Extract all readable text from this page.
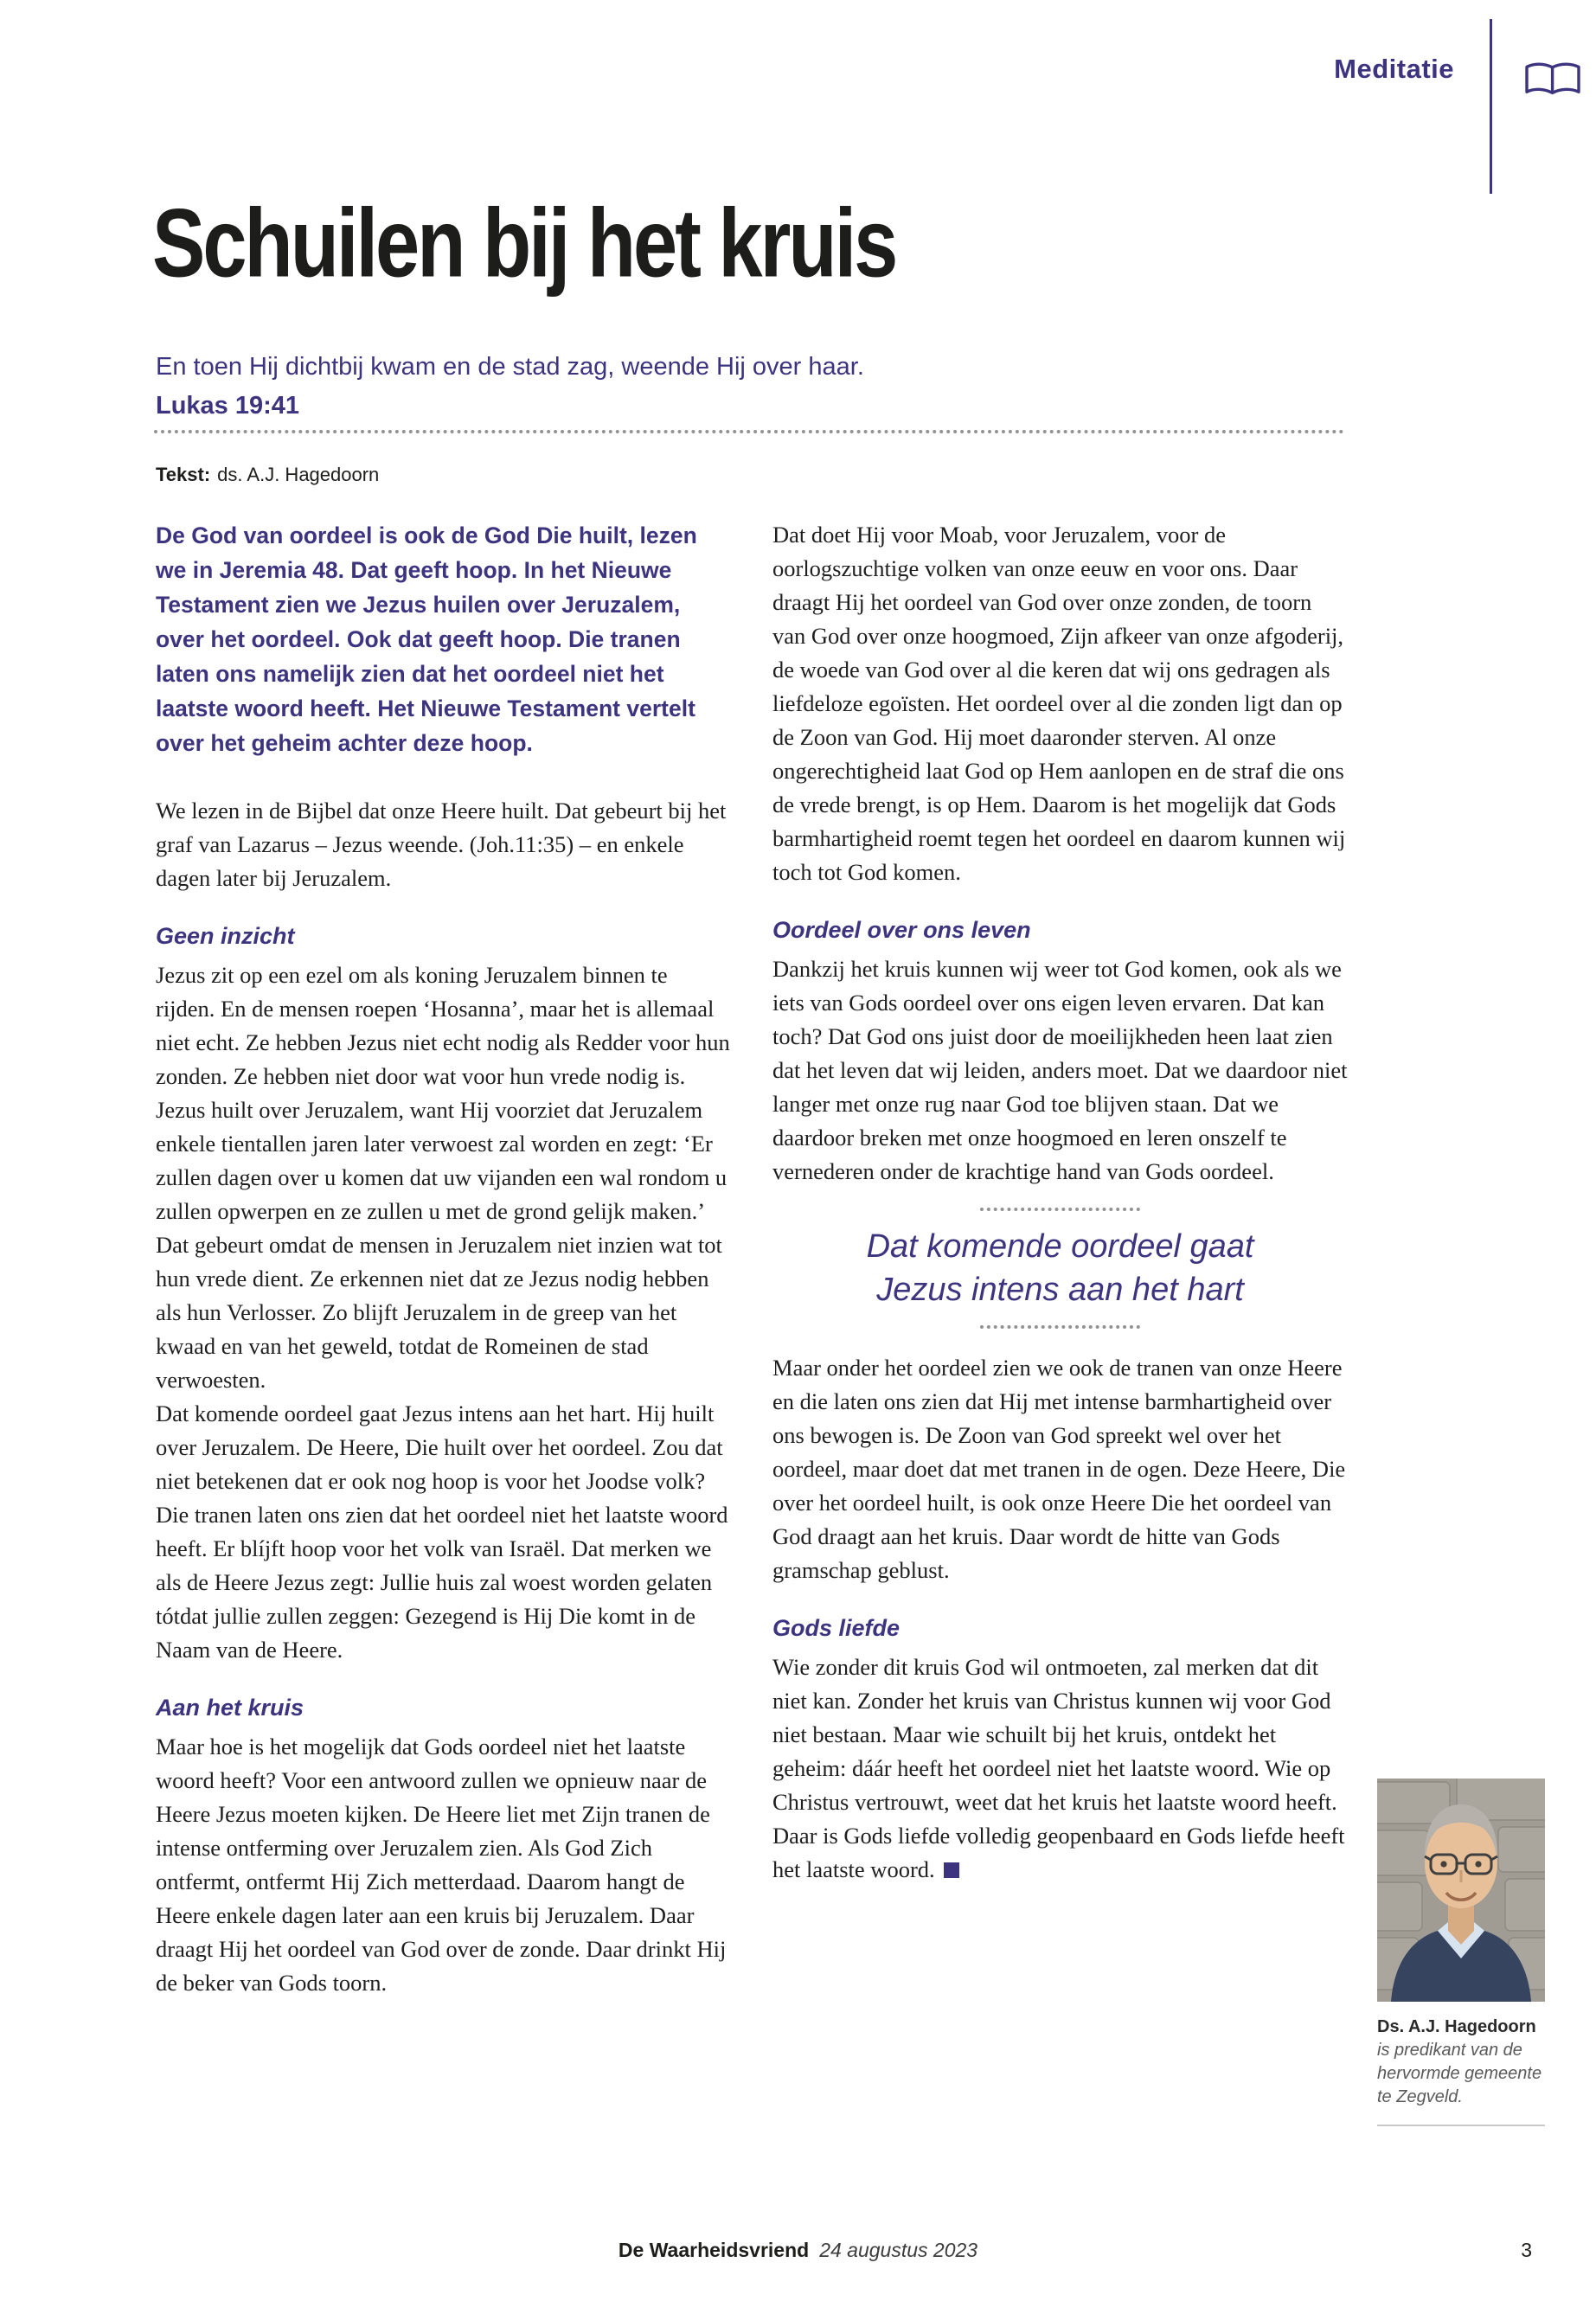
Meditatie
Schuilen bij het kruis
En toen Hij dichtbij kwam en de stad zag, weende Hij over haar.
Lukas 19:41
Tekst: ds. A.J. Hagedoorn

De God van oordeel is ook de God Die huilt, lezen we in Jeremia 48. Dat geeft hoop. In het Nieuwe Testament zien we Jezus huilen over Jeruzalem, over het oordeel. Ook dat geeft hoop. Die tranen laten ons namelijk zien dat het oordeel niet het laatste woord heeft. Het Nieuwe Testament vertelt over het geheim achter deze hoop.

We lezen in de Bijbel dat onze Heere huilt. Dat gebeurt bij het graf van Lazarus – Jezus weende. (Joh.11:35) – en enkele dagen later bij Jeruzalem.

Geen inzicht

Jezus zit op een ezel om als koning Jeruzalem binnen te rijden. En de mensen roepen ‘Hosanna’, maar het is allemaal niet echt. Ze hebben Jezus niet echt nodig als Redder voor hun zonden. Ze hebben niet door wat voor hun vrede nodig is.

Jezus huilt over Jeruzalem, want Hij voorziet dat Jeruzalem enkele tientallen jaren later verwoest zal worden en zegt: ‘Er zullen dagen over u komen dat uw vijanden een wal rondom u zullen opwerpen en ze zullen u met de grond gelijk maken.’ Dat gebeurt omdat de mensen in Jeruzalem niet inzien wat tot hun vrede dient. Ze erkennen niet dat ze Jezus nodig hebben als hun Verlosser. Zo blijft Jeruzalem in de greep van het kwaad en van het geweld, totdat de Romeinen de stad verwoesten.

Dat komende oordeel gaat Jezus intens aan het hart. Hij huilt over Jeruzalem. De Heere, Die huilt over het oordeel. Zou dat niet betekenen dat er ook nog hoop is voor het Joodse volk? Die tranen laten ons zien dat het oordeel niet het laatste woord heeft. Er blíjft hoop voor het volk van Israël. Dat merken we als de Heere Jezus zegt: Jullie huis zal woest worden gelaten tótdat jullie zullen zeggen: Gezegend is Hij Die komt in de Naam van de Heere.

Aan het kruis

Maar hoe is het mogelijk dat Gods oordeel niet het laatste woord heeft? Voor een antwoord zullen we opnieuw naar de Heere Jezus moeten kijken. De Heere liet met Zijn tranen de intense ontferming over Jeruzalem zien. Als God Zich ontfermt, ontfermt Hij Zich metterdaad. Daarom hangt de Heere enkele dagen later aan een kruis bij Jeruzalem. Daar draagt Hij het oordeel van God over de zonde. Daar drinkt Hij de beker van Gods toorn.

Dat doet Hij voor Moab, voor Jeruzalem, voor de oorlogszuchtige volken van onze eeuw en voor ons. Daar draagt Hij het oordeel van God over onze zonden, de toorn van God over onze hoogmoed, Zijn afkeer van onze afgoderij, de woede van God over al die keren dat wij ons gedragen als liefdeloze egoïsten. Het oordeel over al die zonden ligt dan op de Zoon van God. Hij moet daaronder sterven. Al onze ongerechtigheid laat God op Hem aanlopen en de straf die ons de vrede brengt, is op Hem. Daarom is het mogelijk dat Gods barmhartigheid roemt tegen het oordeel en daarom kunnen wij toch tot God komen.

Oordeel over ons leven

Dankzij het kruis kunnen wij weer tot God komen, ook als we iets van Gods oordeel over ons eigen leven ervaren. Dat kan toch? Dat God ons juist door de moeilijkheden heen laat zien dat het leven dat wij leiden, anders moet. Dat we daardoor niet langer met onze rug naar God toe blijven staan. Dat we daardoor breken met onze hoogmoed en leren onszelf te vernederen onder de krachtige hand van Gods oordeel.

Dat komende oordeel gaat
Jezus intens aan het hart

Maar onder het oordeel zien we ook de tranen van onze Heere en die laten ons zien dat Hij met intense barmhartigheid over ons bewogen is. De Zoon van God spreekt wel over het oordeel, maar doet dat met tranen in de ogen. Deze Heere, Die over het oordeel huilt, is ook onze Heere Die het oordeel van God draagt aan het kruis. Daar wordt de hitte van Gods gramschap geblust.

Gods liefde

Wie zonder dit kruis God wil ontmoeten, zal merken dat dit niet kan. Zonder het kruis van Christus kunnen wij voor God niet bestaan. Maar wie schuilt bij het kruis, ontdekt het geheim: dáár heeft het oordeel niet het laatste woord. Wie op Christus vertrouwt, weet dat het kruis het laatste woord heeft. Daar is Gods liefde volledig geopenbaard en Gods liefde heeft het laatste woord.

Ds. A.J. Hagedoorn
is predikant van de hervormde gemeente te Zegveld.
De Waarheidsvriend 24 augustus 2023	3
